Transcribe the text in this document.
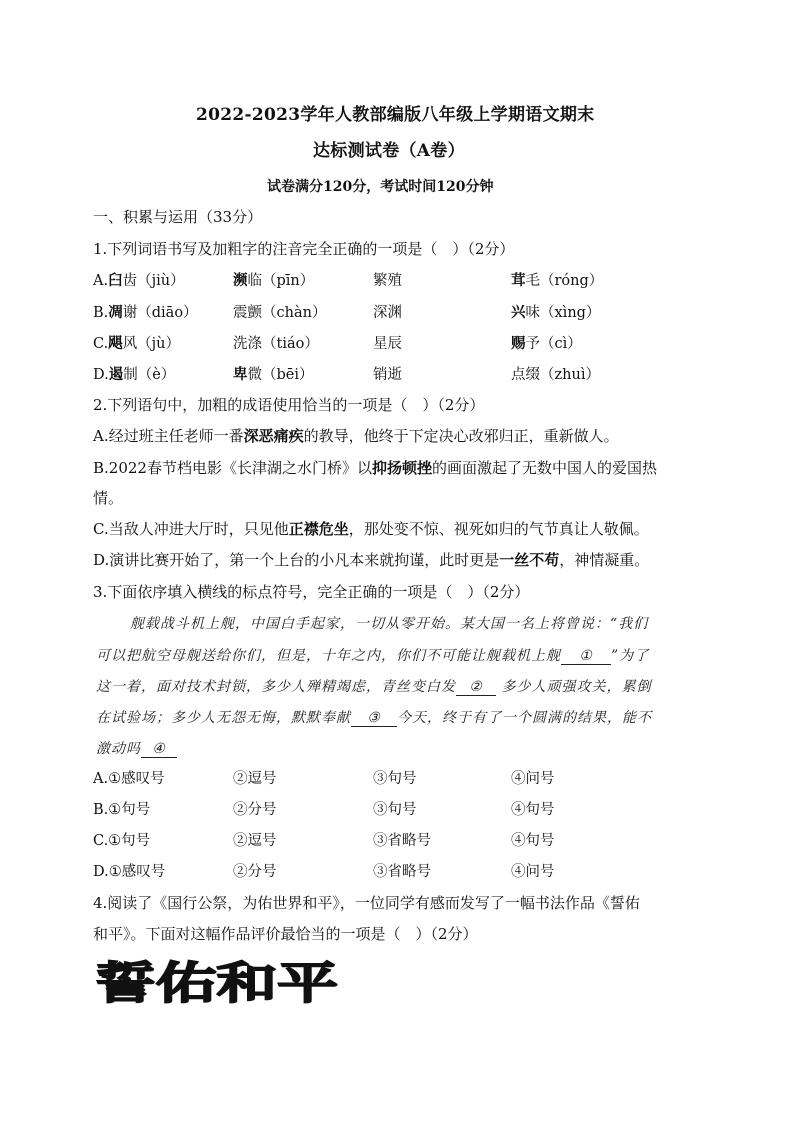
2022-2023学年人教部编版八年级上学期语文期末
达标测试卷（A卷）
试卷满分120分，考试时间120分钟
一、积累与运用（33分）
1.下列词语书写及加粗字的注音完全正确的一项是（　）（2分）
A.臼齿（jiù）	濒临（pīn）	繁殖	茸毛（róng）
B.凋谢（diāo） 震颤（chàn）	深渊	兴味（xìng）
C.飓风（jù）	洗涤（tiáo）	星辰	赐予（cì）
D.遏制（è）	卑微（bēi）	销逝	点缀（zhuì）
2.下列语句中，加粗的成语使用恰当的一项是（　）（2分）
A.经过班主任老师一番深恶痛疾的教导，他终于下定决心改邪归正，重新做人。
B.2022春节档电影《长津湖之水门桥》以抑扬顿挫的画面激起了无数中国人的爱国热
情。
C.当敌人冲进大厅时，只见他正襟危坐，那处变不惊、视死如归的气节真让人敬佩。
D.演讲比赛开始了，第一个上台的小凡本来就拘谨，此时更是一丝不苟，神情凝重。
3.下面依序填入横线的标点符号，完全正确的一项是（　）（2分）
舰载战斗机上舰，中国白手起家，一切从零开始。某大国一名上将曾说：“我们
可以把航空母舰送给你们，但是，十年之内，你们不可能让舰载机上舰 ① ”为了
这一着，面对技术封锁，多少人殚精竭虑，青丝变白发 ② 多少人顽强攻关，累倒
在试验场；多少人无怨无悔，默默奉献 ③ 今天，终于有了一个圆满的结果，能不
激动吗 ④
A.①感叹号	②逗号	③句号	④问号
B.①句号	②分号	③句号	④句号
C.①句号	②逗号	③省略号	④句号
D.①感叹号	②分号	③省略号	④问号
4.阅读了《国行公祭，为佑世界和平》，一位同学有感而发写了一幅书法作品《誓佑
和平》。下面对这幅作品评价最恰当的一项是（　）（2分）
誓佑和平
